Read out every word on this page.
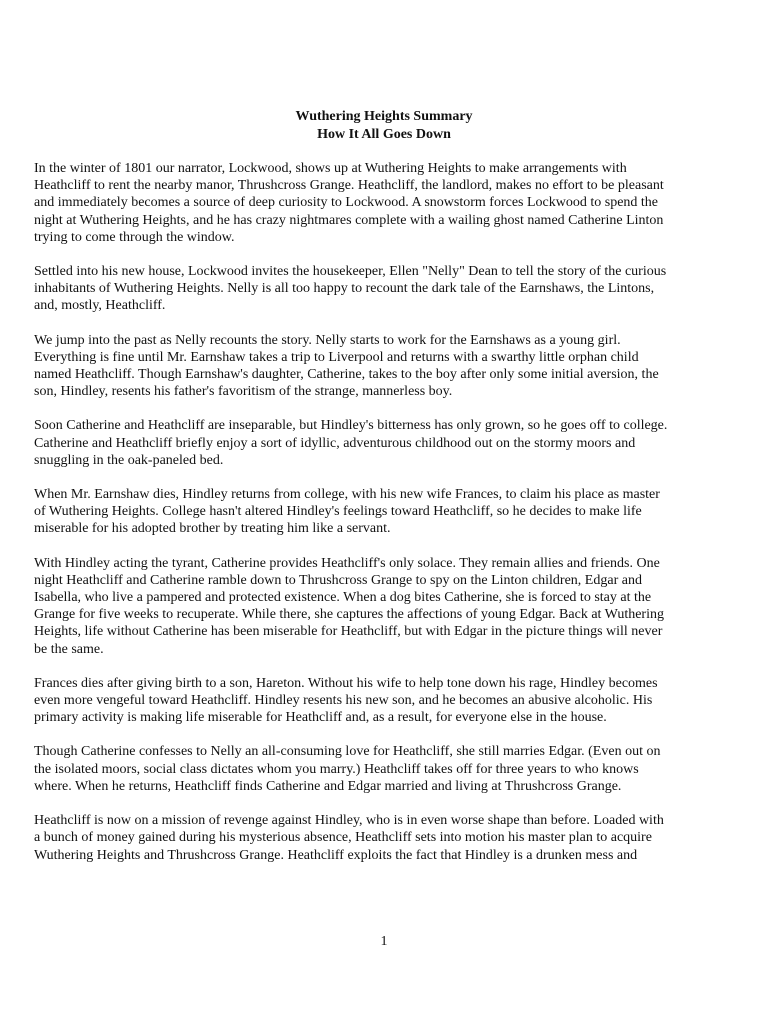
Wuthering Heights Summary
How It All Goes Down
In the winter of 1801 our narrator, Lockwood, shows up at Wuthering Heights to make arrangements with
Heathcliff to rent the nearby manor, Thrushcross Grange. Heathcliff, the landlord, makes no effort to be pleasant
and immediately becomes a source of deep curiosity to Lockwood. A snowstorm forces Lockwood to spend the
night at Wuthering Heights, and he has crazy nightmares complete with a wailing ghost named Catherine Linton
trying to come through the window.
Settled into his new house, Lockwood invites the housekeeper, Ellen "Nelly" Dean to tell the story of the curious
inhabitants of Wuthering Heights. Nelly is all too happy to recount the dark tale of the Earnshaws, the Lintons,
and, mostly, Heathcliff.
We jump into the past as Nelly recounts the story. Nelly starts to work for the Earnshaws as a young girl.
Everything is fine until Mr. Earnshaw takes a trip to Liverpool and returns with a swarthy little orphan child
named Heathcliff. Though Earnshaw's daughter, Catherine, takes to the boy after only some initial aversion, the
son, Hindley, resents his father's favoritism of the strange, mannerless boy.
Soon Catherine and Heathcliff are inseparable, but Hindley's bitterness has only grown, so he goes off to college.
Catherine and Heathcliff briefly enjoy a sort of idyllic, adventurous childhood out on the stormy moors and
snuggling in the oak-paneled bed.
When Mr. Earnshaw dies, Hindley returns from college, with his new wife Frances, to claim his place as master
of Wuthering Heights. College hasn't altered Hindley's feelings toward Heathcliff, so he decides to make life
miserable for his adopted brother by treating him like a servant.
With Hindley acting the tyrant, Catherine provides Heathcliff's only solace. They remain allies and friends. One
night Heathcliff and Catherine ramble down to Thrushcross Grange to spy on the Linton children, Edgar and
Isabella, who live a pampered and protected existence. When a dog bites Catherine, she is forced to stay at the
Grange for five weeks to recuperate. While there, she captures the affections of young Edgar. Back at Wuthering
Heights, life without Catherine has been miserable for Heathcliff, but with Edgar in the picture things will never
be the same.
Frances dies after giving birth to a son, Hareton. Without his wife to help tone down his rage, Hindley becomes
even more vengeful toward Heathcliff. Hindley resents his new son, and he becomes an abusive alcoholic. His
primary activity is making life miserable for Heathcliff and, as a result, for everyone else in the house.
Though Catherine confesses to Nelly an all-consuming love for Heathcliff, she still marries Edgar. (Even out on
the isolated moors, social class dictates whom you marry.) Heathcliff takes off for three years to who knows
where. When he returns, Heathcliff finds Catherine and Edgar married and living at Thrushcross Grange.
Heathcliff is now on a mission of revenge against Hindley, who is in even worse shape than before. Loaded with
a bunch of money gained during his mysterious absence, Heathcliff sets into motion his master plan to acquire
Wuthering Heights and Thrushcross Grange. Heathcliff exploits the fact that Hindley is a drunken mess and
1
